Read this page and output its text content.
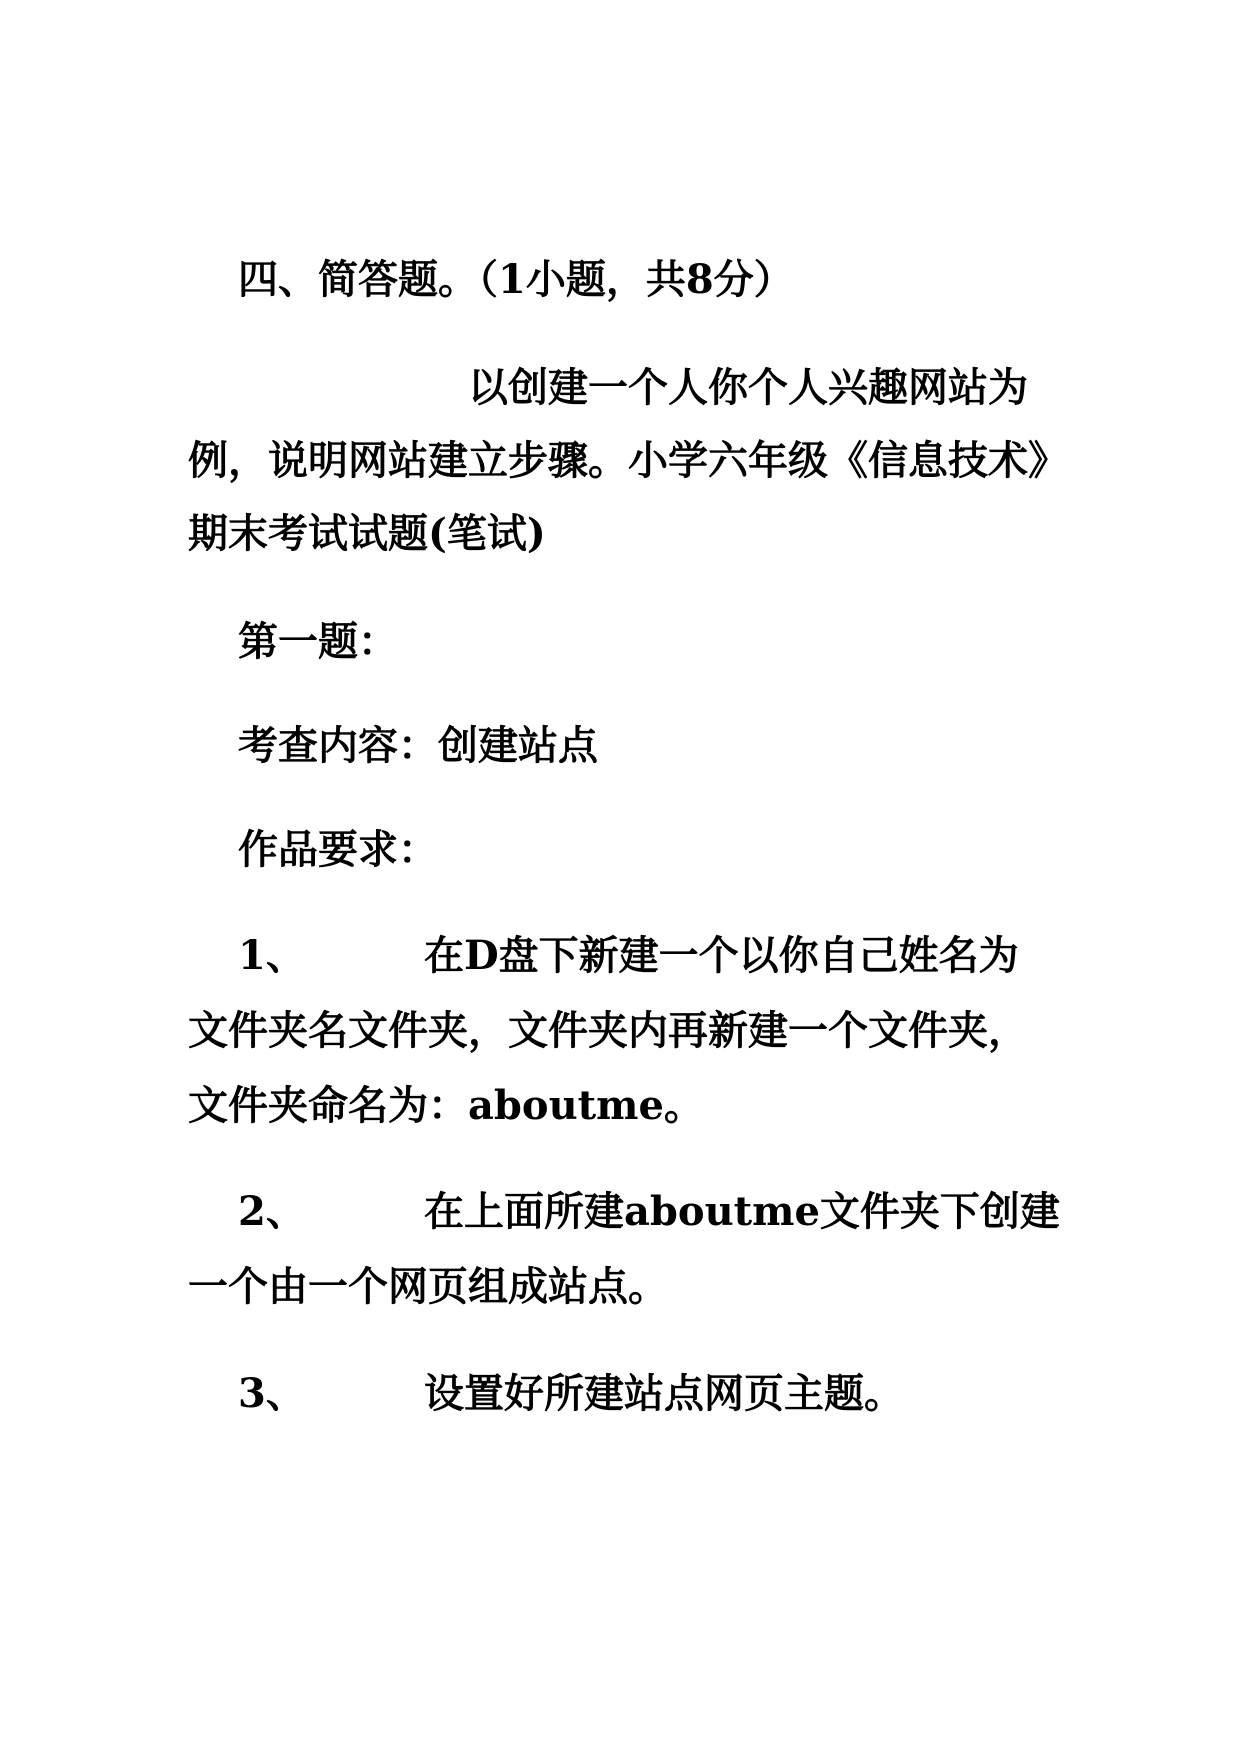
四、简答题。（1小题，共8分）
以创建一个人你个人兴趣网站为
例，说明网站建立步骤。小学六年级《信息技术》
期末考试试题(笔试)
第一题：
考查内容：创建站点
作品要求：
1、	在D盘下新建一个以你自己姓名为
文件夹名文件夹，文件夹内再新建一个文件夹，
文件夹命名为：aboutme。
2、	在上面所建aboutme文件夹下创建
一个由一个网页组成站点。
3、	设置好所建站点网页主题。
